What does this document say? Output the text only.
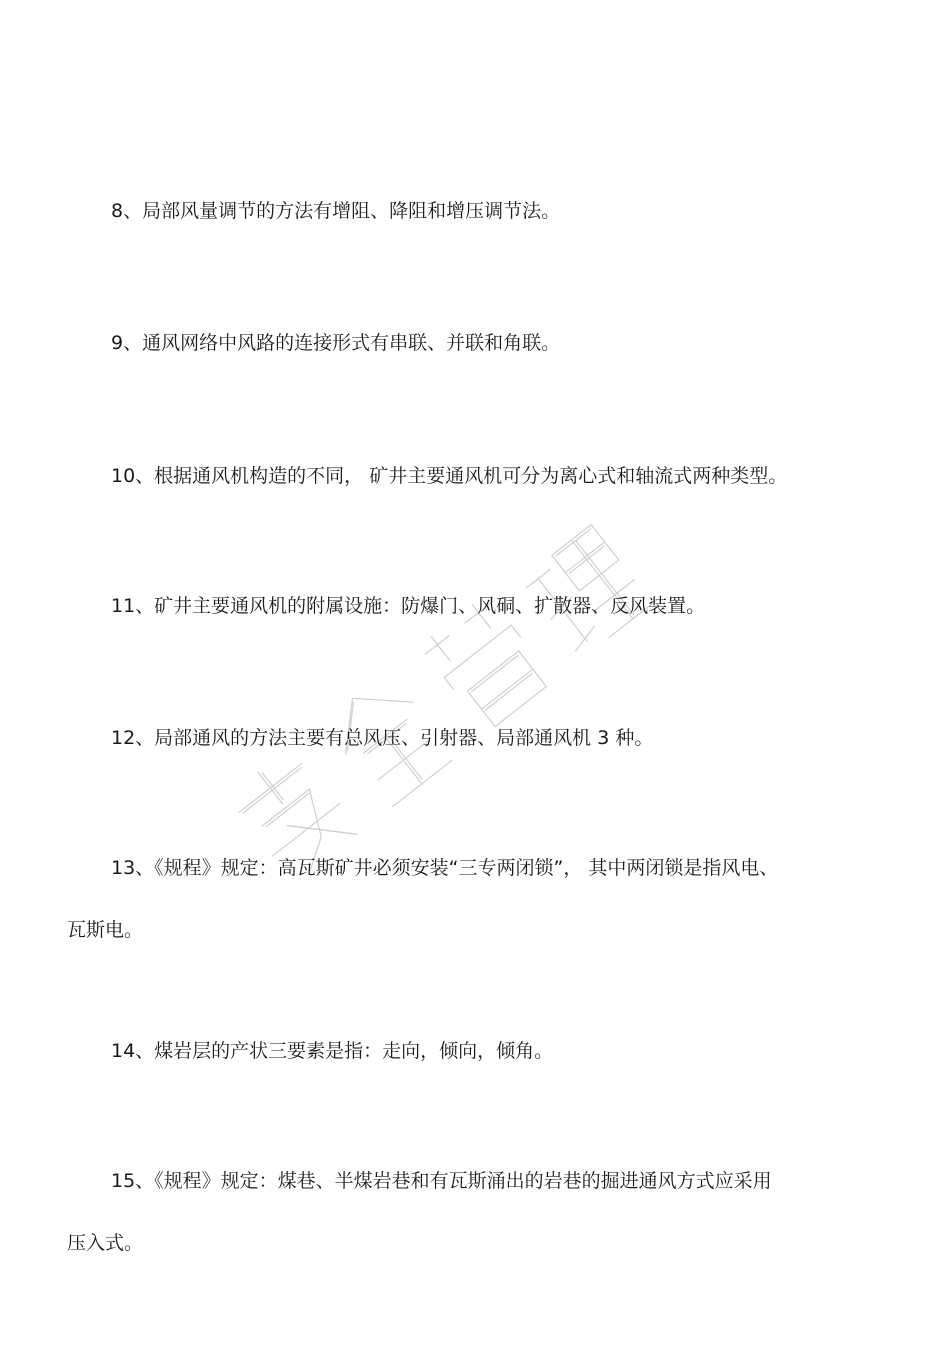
8、局部风量调节的方法有增阻、降阻和增压调节法。

9、通风网络中风路的连接形式有串联、并联和角联。

10、根据通风机构造的不同， 矿井主要通风机可分为离心式和轴流式两种类型。

11、矿井主要通风机的附属设施：防爆门、风硐、扩散器、反风装置。

12、局部通风的方法主要有总风压、引射器、局部通风机 3 种。

13、《规程》规定：高瓦斯矿井必须安装“三专两闭锁”， 其中两闭锁是指风电、
瓦斯电。

14、煤岩层的产状三要素是指：走向，倾向，倾角。

15、《规程》规定：煤巷、半煤岩巷和有瓦斯涌出的岩巷的掘进通风方式应采用
压入式。
